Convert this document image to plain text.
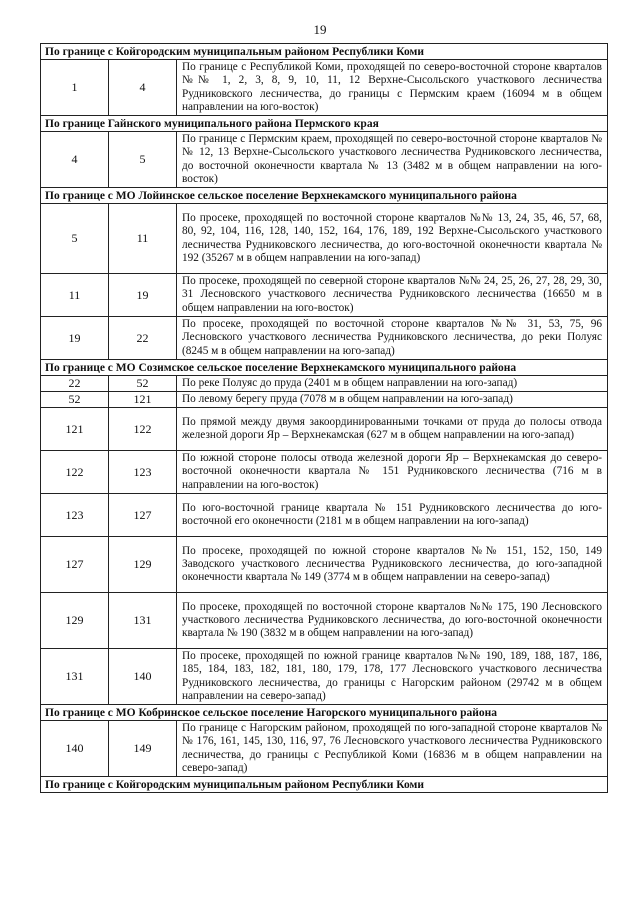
19
По границе с Койгородским муниципальным районом Республики Коми		
1	4	По границе с Республикой Коми, проходящей по северо-восточной стороне кварталов №№ 1, 2, 3, 8, 9, 10, 11, 12 Верхне-Сысольского участкового лесничества Рудниковского лесничества, до границы с Пермским краем (16094 м в общем направлении на юго-восток)
По границе Гайнского муниципального района Пермского края		
4	5	По границе с Пермским краем, проходящей по северо-восточной стороне кварталов №№ 12, 13 Верхне-Сысольского участкового лесничества Рудниковского лесничества, до восточной оконечности квартала № 13 (3482 м в общем направлении на юго-восток)
По границе с МО Лойинское сельское поселение Верхнекамского муниципального района		
5	11	По просеке, проходящей по восточной стороне кварталов №№ 13, 24, 35, 46, 57, 68, 80, 92, 104, 116, 128, 140, 152, 164, 176, 189, 192 Верхне-Сысольского участкового лесничества Рудниковского лесничества, до юго-восточной оконечности квартала № 192 (35267 м в общем направлении на юго-запад)
11	19	По просеке, проходящей по северной стороне кварталов №№ 24, 25, 26, 27, 28, 29, 30, 31 Лесновского участкового лесничества Рудниковского лесничества (16650 м в общем направлении на юго-восток)
19	22	По просеке, проходящей по восточной стороне кварталов №№ 31, 53, 75, 96 Лесновского участкового лесничества Рудниковского лесничества, до реки Полуяс (8245 м в общем направлении на юго-запад)
По границе с МО Созимское сельское поселение Верхнекамского муниципального района		
22	52	По реке Полуяс до пруда (2401 м в общем направлении на юго-запад)
52	121	По левому берегу пруда (7078 м в общем направлении на юго-запад)
121	122	По прямой между двумя закоординированными точками от пруда до полосы отвода железной дороги Яр – Верхнекамская (627 м в общем направлении на юго-запад)
122	123	По южной стороне полосы отвода железной дороги Яр – Верхнекамская до северо-восточной оконечности квартала № 151 Рудниковского лесничества (716 м в направлении на юго-восток)
123	127	По юго-восточной границе квартала № 151 Рудниковского лесничества до юго-восточной его оконечности (2181 м в общем направлении на юго-запад)
127	129	По просеке, проходящей по южной стороне кварталов №№ 151, 152, 150, 149 Заводского участкового лесничества Рудниковского лесничества, до юго-западной оконечности квартала № 149 (3774 м в общем направлении на северо-запад)
129	131	По просеке, проходящей по восточной стороне кварталов №№ 175, 190 Лесновского участкового лесничества Рудниковского лесничества, до юго-восточной оконечности квартала № 190 (3832 м в общем направлении на юго-запад)
131	140	По просеке, проходящей по южной границе кварталов №№ 190, 189, 188, 187, 186, 185, 184, 183, 182, 181, 180, 179, 178, 177 Лесновского участкового лесничества Рудниковского лесничества, до границы с Нагорским районом (29742 м в общем направлении на северо-запад)
По границе с МО Кобринское сельское поселение Нагорского муниципального района		
140	149	По границе с Нагорским районом, проходящей по юго-западной стороне кварталов №№ 176, 161, 145, 130, 116, 97, 76 Лесновского участкового лесничества Рудниковского лесничества, до границы с Республикой Коми (16836 м в общем направлении на северо-запад)
По границе с Койгородским муниципальным районом Республики Коми		
